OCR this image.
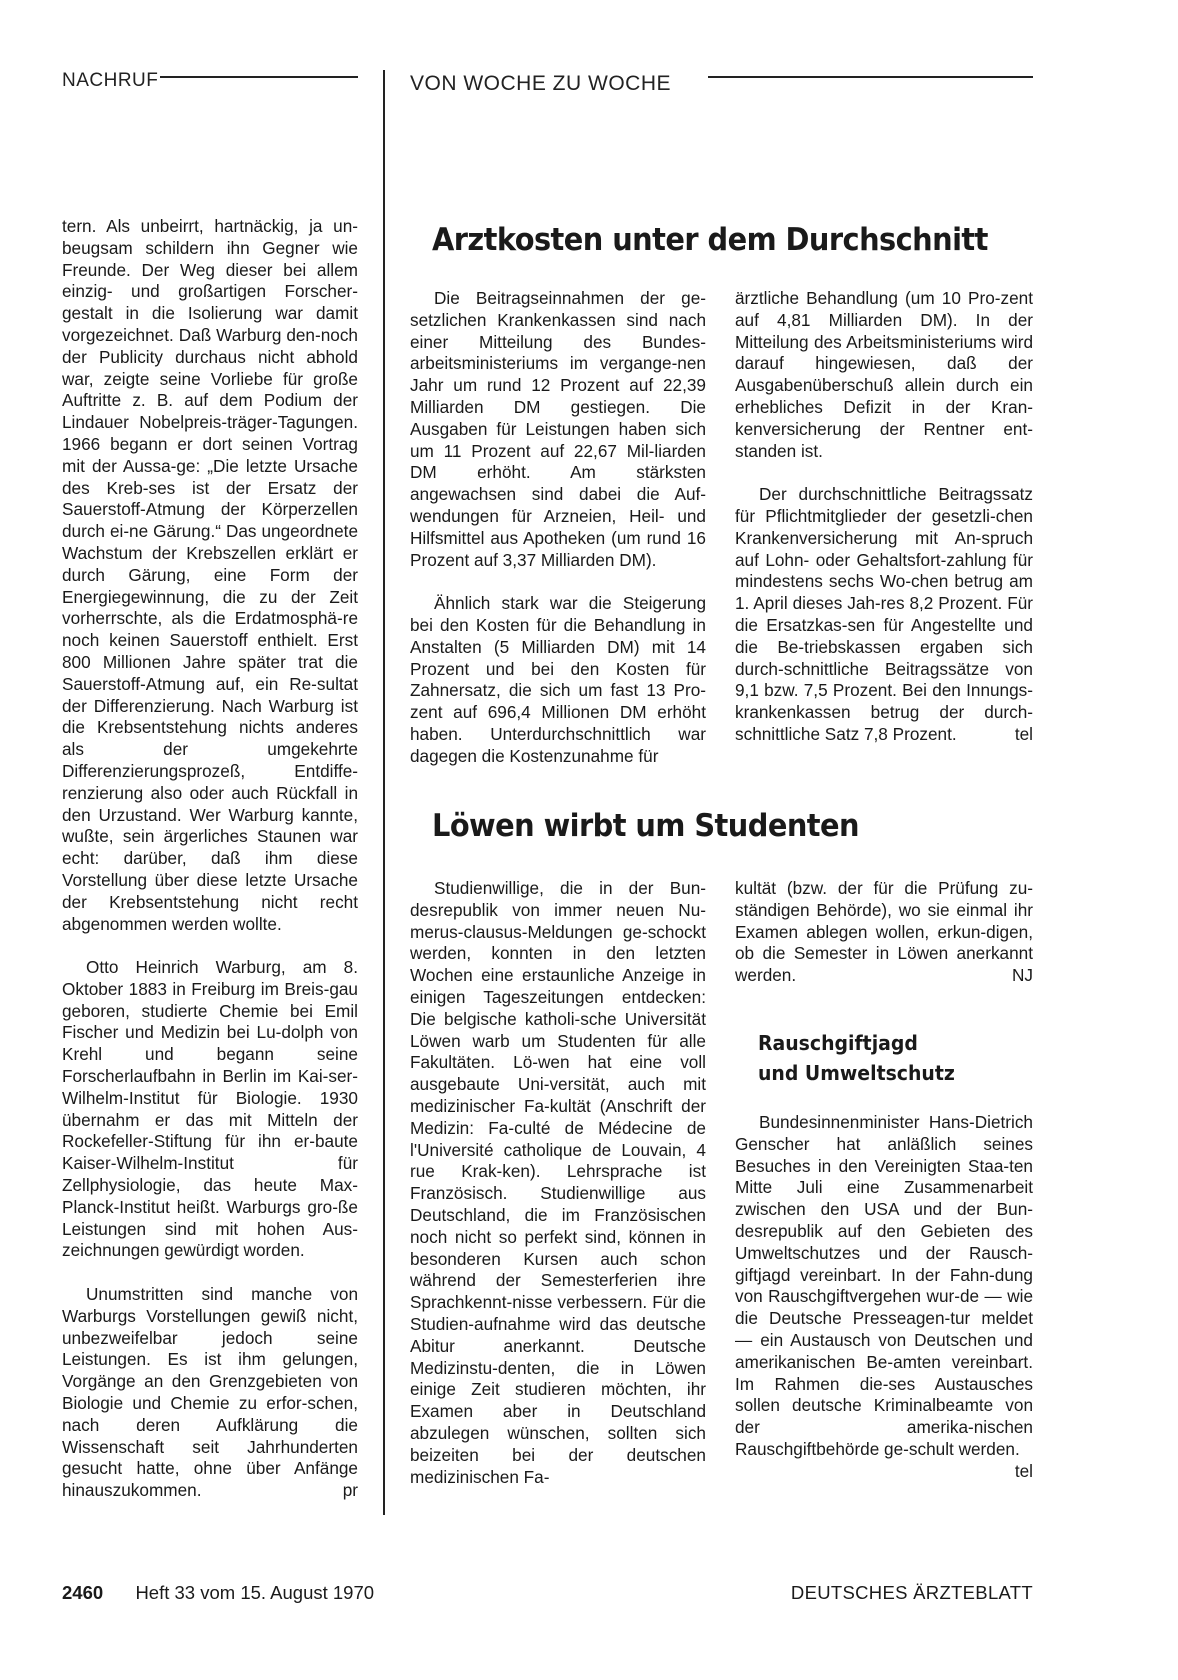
NACHRUF	VON WOCHE ZU WOCHE

tern. Als unbeirrt, hartnäckig, ja un-beugsam schildern ihn Gegner wie Freunde. Der Weg dieser bei allem einzig- und großartigen Forscher-gestalt in die Isolierung war damit vorgezeichnet. Daß Warburg den-noch der Publicity durchaus nicht abhold war, zeigte seine Vorliebe für große Auftritte z. B. auf dem Podium der Lindauer Nobelpreis-träger-Tagungen. 1966 begann er dort seinen Vortrag mit der Aussa-ge: „Die letzte Ursache des Kreb-ses ist der Ersatz der Sauerstoff-Atmung der Körperzellen durch ei-ne Gärung.“ Das ungeordnete Wachstum der Krebszellen erklärt er durch Gärung, eine Form der Energiegewinnung, die zu der Zeit vorherrschte, als die Erdatmosphä-re noch keinen Sauerstoff enthielt. Erst 800 Millionen Jahre später trat die Sauerstoff-Atmung auf, ein Re-sultat der Differenzierung. Nach Warburg ist die Krebsentstehung nichts anderes als der umgekehrte Differenzierungsprozeß, Entdiffe-renzierung also oder auch Rückfall in den Urzustand. Wer Warburg kannte, wußte, sein ärgerliches Staunen war echt: darüber, daß ihm diese Vorstellung über diese letzte Ursache der Krebsentstehung nicht recht abgenommen werden wollte.

Otto Heinrich Warburg, am 8. Oktober 1883 in Freiburg im Breis-gau geboren, studierte Chemie bei Emil Fischer und Medizin bei Lu-dolph von Krehl und begann seine Forscherlaufbahn in Berlin im Kai-ser-Wilhelm-Institut für Biologie. 1930 übernahm er das mit Mitteln der Rockefeller-Stiftung für ihn er-baute Kaiser-Wilhelm-Institut für Zellphysiologie, das heute Max-Planck-Institut heißt. Warburgs gro-ße Leistungen sind mit hohen Aus-zeichnungen gewürdigt worden.

Unumstritten sind manche von Warburgs Vorstellungen gewiß nicht, unbezweifelbar jedoch seine Leistungen. Es ist ihm gelungen, Vorgänge an den Grenzgebieten von Biologie und Chemie zu erfor-schen, nach deren Aufklärung die Wissenschaft seit Jahrhunderten gesucht hatte, ohne über Anfänge hinauszukommen.	pr

Arztkosten unter dem Durchschnitt

Die Beitragseinnahmen der ge-setzlichen Krankenkassen sind nach einer Mitteilung des Bundes-arbeitsministeriums im vergange-nen Jahr um rund 12 Prozent auf 22,39 Milliarden DM gestiegen. Die Ausgaben für Leistungen haben sich um 11 Prozent auf 22,67 Mil-liarden DM erhöht. Am stärksten angewachsen sind dabei die Auf-wendungen für Arzneien, Heil- und Hilfsmittel aus Apotheken (um rund 16 Prozent auf 3,37 Milliarden DM).

Ähnlich stark war die Steigerung bei den Kosten für die Behandlung in Anstalten (5 Milliarden DM) mit 14 Prozent und bei den Kosten für Zahnersatz, die sich um fast 13 Pro-zent auf 696,4 Millionen DM erhöht haben. Unterdurchschnittlich war dagegen die Kostenzunahme für

ärztliche Behandlung (um 10 Pro-zent auf 4,81 Milliarden DM). In der Mitteilung des Arbeitsministeriums wird darauf hingewiesen, daß der Ausgabenüberschuß allein durch ein erhebliches Defizit in der Kran-kenversicherung der Rentner ent-standen ist.

Der durchschnittliche Beitragssatz für Pflichtmitglieder der gesetzli-chen Krankenversicherung mit An-spruch auf Lohn- oder Gehaltsfort-zahlung für mindestens sechs Wo-chen betrug am 1. April dieses Jah-res 8,2 Prozent. Für die Ersatzkas-sen für Angestellte und die Be-triebskassen ergaben sich durch-schnittliche Beitragssätze von 9,1 bzw. 7,5 Prozent. Bei den Innungs-krankenkassen betrug der durch-schnittliche Satz 7,8 Prozent.	tel

Löwen wirbt um Studenten

Studienwillige, die in der Bun-desrepublik von immer neuen Nu-merus-clausus-Meldungen ge-schockt werden, konnten in den letzten Wochen eine erstaunliche Anzeige in einigen Tageszeitungen entdecken: Die belgische katholi-sche Universität Löwen warb um Studenten für alle Fakultäten. Lö-wen hat eine voll ausgebaute Uni-versität, auch mit medizinischer Fa-kultät (Anschrift der Medizin: Fa-culté de Médecine de l'Université catholique de Louvain, 4 rue Krak-ken). Lehrsprache ist Französisch. Studienwillige aus Deutschland, die im Französischen noch nicht so perfekt sind, können in besonderen Kursen auch schon während der Semesterferien ihre Sprachkennt-nisse verbessern. Für die Studien-aufnahme wird das deutsche Abitur anerkannt. Deutsche Medizinstu-denten, die in Löwen einige Zeit studieren möchten, ihr Examen aber in Deutschland abzulegen wünschen, sollten sich beizeiten bei der deutschen medizinischen Fa-

kultät (bzw. der für die Prüfung zu-ständigen Behörde), wo sie einmal ihr Examen ablegen wollen, erkun-digen, ob die Semester in Löwen anerkannt werden.	NJ

Rauschgiftjagd
und Umweltschutz

Bundesinnenminister Hans-Dietrich Genscher hat anläßlich seines Besuches in den Vereinigten Staa-ten Mitte Juli eine Zusammenarbeit zwischen den USA und der Bun-desrepublik auf den Gebieten des Umweltschutzes und der Rausch-giftjagd vereinbart. In der Fahn-dung von Rauschgiftvergehen wur-de — wie die Deutsche Presseagen-tur meldet — ein Austausch von Deutschen und amerikanischen Be-amten vereinbart. Im Rahmen die-ses Austausches sollen deutsche Kriminalbeamte von der amerika-nischen Rauschgiftbehörde ge-schult werden.
tel

2460 Heft 33 vom 15. August 1970	DEUTSCHES ÄRZTEBLATT
